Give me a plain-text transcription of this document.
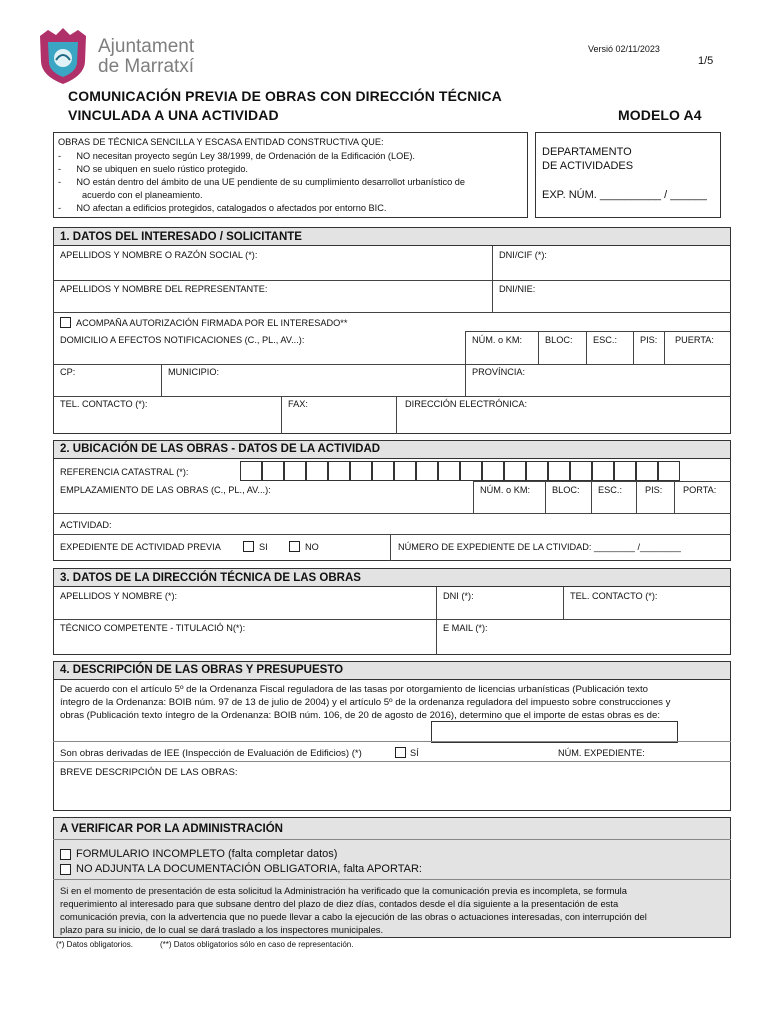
Ajuntament
de Marratxí
Versió 02/11/2023
1/5
COMUNICACIÓN PREVIA DE OBRAS CON DIRECCIÓN TÉCNICA
VINCULADA A UNA ACTIVIDAD	MODELO A4
OBRAS DE TÉCNICA SENCILLA Y ESCASA ENTIDAD CONSTRUCTIVA QUE:
-      NO necesitan proyecto según Ley 38/1999, de Ordenación de la Edificación (LOE).
-      NO se ubiquen en suelo rústico protegido.
-      NO están dentro del ámbito de una UE pendiente de su cumplimiento desarrollot urbanístico de
acuerdo con el planeamiento.
-      NO afectan a edificios protegidos, catalogados o afectados por entorno BIC.
DEPARTAMENTO
DE ACTIVIDADES
EXP. NÚM. __________ / ______
1. DATOS DEL INTERESADO / SOLICITANTE
APELLIDOS Y NOMBRE O RAZÓN SOCIAL (*):	DNI/CIF (*):
APELLIDOS Y NOMBRE DEL REPRESENTANTE:	DNI/NIE:
ACOMPAÑA AUTORIZACIÓN FIRMADA POR EL INTERESADO**
DOMICILIO A EFECTOS NOTIFICACIONES (C., PL., AV...):	NÚM. o KM: BLOC: ESC.:	PIS: PUERTA:
CP:	MUNICIPIO:	PROVÍNCIA:
TEL. CONTACTO (*):	FAX:	DIRECCIÓN ELECTRÓNICA:
2. UBICACIÓN DE LAS OBRAS - DATOS DE LA ACTIVIDAD
REFERENCIA CATASTRAL (*):
EMPLAZAMIENTO DE LAS OBRAS (C., PL., AV...):	NÚM. o KM: BLOC: ESC.:	PIS: PORTA:
ACTIVIDAD:
EXPEDIENTE DE ACTIVIDAD PREVIA	SI	NO	NÚMERO DE EXPEDIENTE DE LA CTIVIDAD: ________ /________
3. DATOS DE LA DIRECCIÓN TÉCNICA DE LAS OBRAS
APELLIDOS Y NOMBRE (*):	DNI (*):	TEL. CONTACTO (*):
TÉCNICO COMPETENTE - TITULACIÓ N(*):	E MAIL (*):
4. DESCRIPCIÓN DE LAS OBRAS Y PRESUPUESTO
De acuerdo con el artículo 5º de la Ordenanza Fiscal reguladora de las tasas por otorgamiento de licencias urbanísticas (Publicación texto
íntegro de la Ordenanza: BOIB núm. 97 de 13 de julio de 2004) y el artículo 5º de la ordenanza reguladora del impuesto sobre construcciones y
obras (Publicación texto íntegro de la Ordenanza: BOIB núm. 106, de 20 de agosto de 2016), determino que el importe de estas obras es de:
Son obras derivadas de IEE (Inspección de Evaluación de Edificios) (*)	SÍ	NÚM. EXPEDIENTE:
BREVE DESCRIPCIÓN DE LAS OBRAS:
A VERIFICAR POR LA ADMINISTRACIÓN
FORMULARIO INCOMPLETO (falta completar datos)
NO ADJUNTA LA DOCUMENTACIÓN OBLIGATORIA, falta APORTAR:
Si en el momento de presentación de esta solicitud la Administración ha verificado que la comunicación previa es incompleta, se formula
requerimiento al interesado para que subsane dentro del plazo de diez días, contados desde el día siguiente a la presentación de esta
comunicación previa, con la advertencia que no puede llevar a cabo la ejecución de las obras o actuaciones interesadas, con interrupción del
plazo para su inicio, de lo cual se dará traslado a los inspectores municipales.
(*) Datos obligatorios.	(**) Datos obligatorios sólo en caso de representación.
